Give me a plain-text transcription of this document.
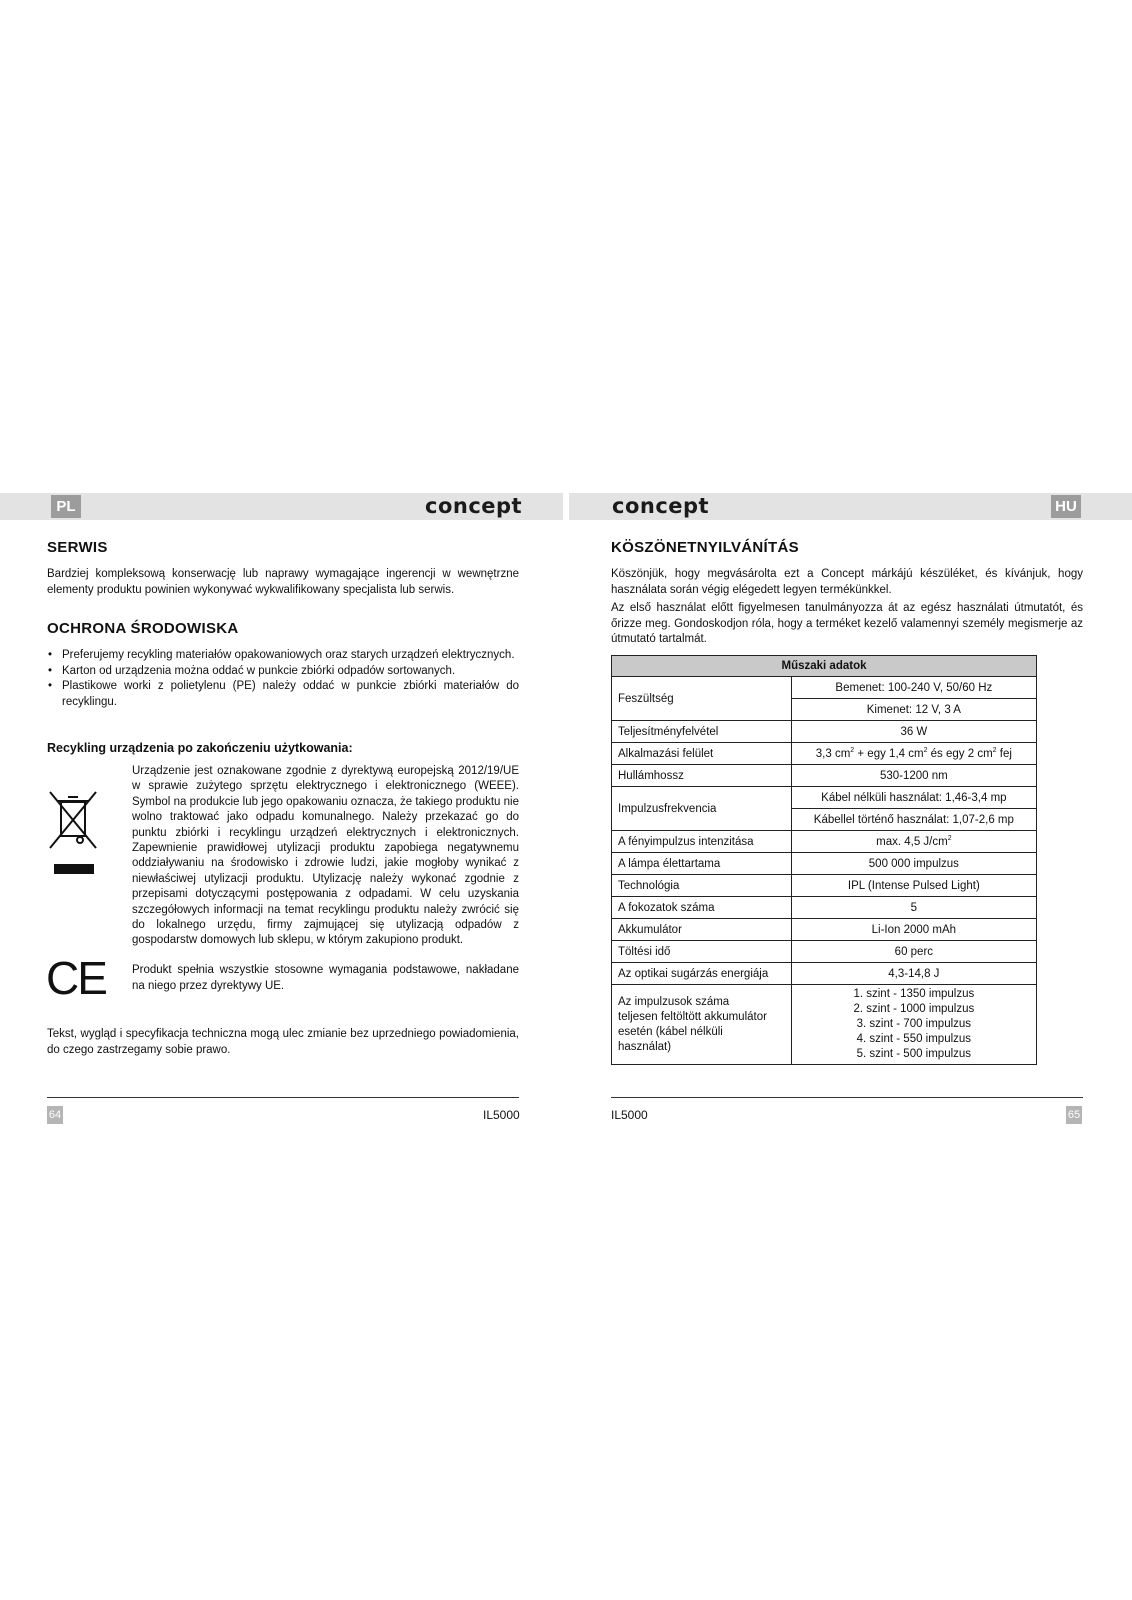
PL	concept	concept	HU
SERWIS

Bardziej kompleksową konserwację lub naprawy wymagające ingerencji w wewnętrzne elementy produktu powinien wykonywać wykwalifikowany specjalista lub serwis.

OCHRONA ŚRODOWISKA
• Preferujemy recykling materiałów opakowaniowych oraz starych urządzeń elektrycznych.
• Karton od urządzenia można oddać w punkcie zbiórki odpadów sortowanych.
• Plastikowe worki z polietylenu (PE) należy oddać w punkcie zbiórki materiałów do recyklingu.
Recykling urządzenia po zakończeniu użytkowania:

Urządzenie jest oznakowane zgodnie z dyrektywą europejską 2012/19/UE w sprawie zużytego sprzętu elektrycznego i elektronicznego (WEEE). Symbol na produkcie lub jego opakowaniu oznacza, że takiego produktu nie wolno traktować jako odpadu komunalnego. Należy przekazać go do punktu zbiórki i recyklingu urządzeń elektrycznych i elektronicznych. Zapewnienie prawidłowej utylizacji produktu zapobiega negatywnemu oddziaływaniu na środowisko i zdrowie ludzi, jakie mogłoby wynikać z niewłaściwej utylizacji produktu. Utylizację należy wykonać zgodnie z przepisami dotyczącymi postępowania z odpadami. W celu uzyskania szczegółowych informacji na temat recyklingu produktu należy zwrócić się do lokalnego urzędu, firmy zajmującej się utylizacją odpadów z gospodarstw domowych lub sklepu, w którym zakupiono produkt.

CE Produkt spełnia wszystkie stosowne wymagania podstawowe, nakładane na niego przez dyrektywy UE.

Tekst, wygląd i specyfikacja techniczna mogą ulec zmianie bez uprzedniego powiadomienia, do czego zastrzegamy sobie prawo.

64	IL5000
KÖSZÖNETNYILVÁNÍTÁS

Köszönjük, hogy megvásárolta ezt a Concept márkájú készüléket, és kívánjuk, hogy használata során végig elégedett legyen termékünkkel.

Az első használat előtt figyelmesen tanulmányozza át az egész használati útmutatót, és őrizze meg. Gondoskodjon róla, hogy a terméket kezelő valamennyi személy megismerje az útmutató tartalmát.

Műszaki adatok	
Feszültség	Bemenet: 100-240 V, 50/60 Hz
	Kimenet: 12 V, 3 A
Teljesítményfelvétel	36 W
Alkalmazási felület	3,3 $cm^2$ + egy 1,4 $cm^2$ és egy 2 $cm^2$ fej
Hullámhossz	530-1200 nm
Impulzusfrekvencia	Kábel nélküli használat: 1,46-3,4 mp
	Kábellel történő használat: 1,07-2,6 mp
A fényimpulzus intenzitása	max. 4,5 $J/cm^2$
A lámpa élettartama	500 000 impulzus
Technológia	IPL (Intense Pulsed Light)
A fokozatok száma	5
Akkumulátor	Li-Ion 2000 mAh
Töltési idő	60 perc
Az optikai sugárzás energiája	4,3-14,8 J
Az impulzusok száma teljesen feltöltött akkumulátor esetén (kábel nélküli használat)	1. szint - 1350 impulzus
2. szint - 1000 impulzus
3. szint - 700 impulzus
4. szint - 550 impulzus
5. szint - 500 impulzus
IL5000	65
